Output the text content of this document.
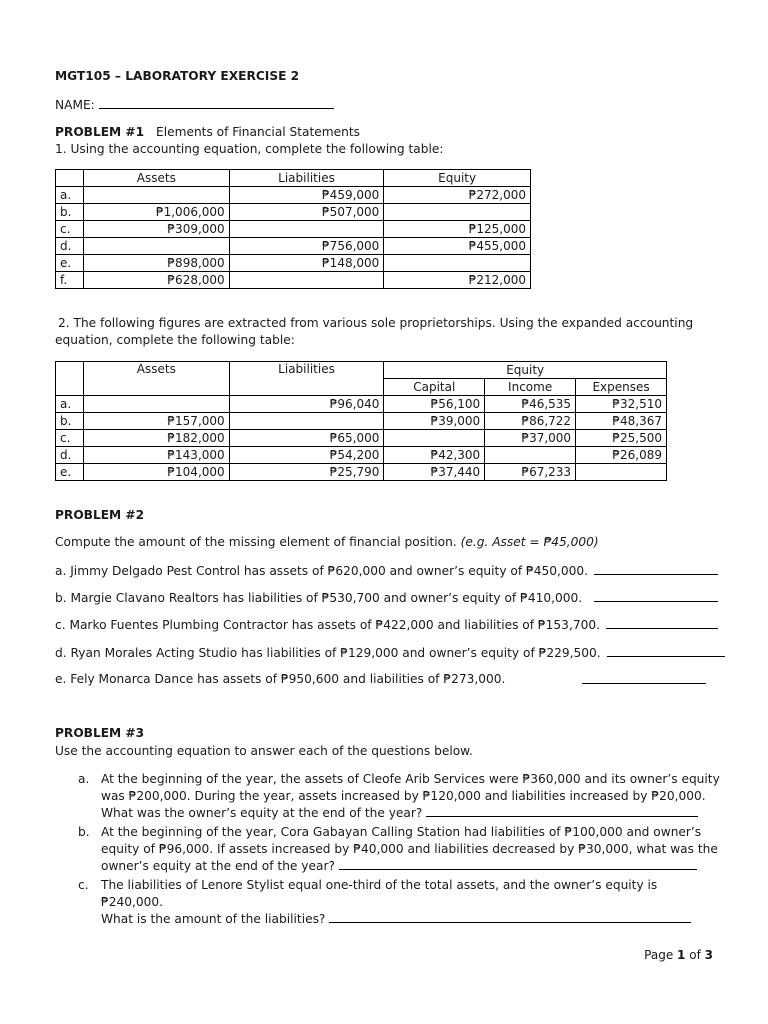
MGT105 – LABORATORY EXERCISE 2
NAME:
PROBLEM #1 Elements of Financial Statements
1. Using the accounting equation, complete the following table:
	Assets	Liabilities	Equity
a.		₱459,000	₱272,000
b.	₱1,006,000	₱507,000	
c.	₱309,000		₱125,000
d.		₱756,000	₱455,000
e.	₱898,000	₱148,000	
f.	₱628,000		₱212,000
2. The following figures are extracted from various sole proprietorships. Using the expanded accounting
equation, complete the following table:
	Assets	Liabilities	Equity		
			Capital	Income	Expenses
a.		₱96,040	₱56,100	₱46,535	₱32,510
b.	₱157,000		₱39,000	₱86,722	₱48,367
c.	₱182,000	₱65,000		₱37,000	₱25,500
d.	₱143,000	₱54,200	₱42,300		₱26,089
e.	₱104,000	₱25,790	₱37,440	₱67,233	
PROBLEM #2
Compute the amount of the missing element of financial position. (e.g. Asset = ₱45,000)
a. Jimmy Delgado Pest Control has assets of ₱620,000 and owner’s equity of ₱450,000.
b. Margie Clavano Realtors has liabilities of ₱530,700 and owner’s equity of ₱410,000.
c. Marko Fuentes Plumbing Contractor has assets of ₱422,000 and liabilities of ₱153,700.
d. Ryan Morales Acting Studio has liabilities of ₱129,000 and owner’s equity of ₱229,500.
e. Fely Monarca Dance has assets of ₱950,600 and liabilities of ₱273,000.
PROBLEM #3
Use the accounting equation to answer each of the questions below.
a. At the beginning of the year, the assets of Cleofe Arib Services were ₱360,000 and its owner’s equity
was ₱200,000. During the year, assets increased by ₱120,000 and liabilities increased by ₱20,000.
What was the owner’s equity at the end of the year?
b. At the beginning of the year, Cora Gabayan Calling Station had liabilities of ₱100,000 and owner’s
equity of ₱96,000. If assets increased by ₱40,000 and liabilities decreased by ₱30,000, what was the
owner’s equity at the end of the year?
c. The liabilities of Lenore Stylist equal one-third of the total assets, and the owner’s equity is ₱240,000.
What is the amount of the liabilities?
Page 1 of 3
